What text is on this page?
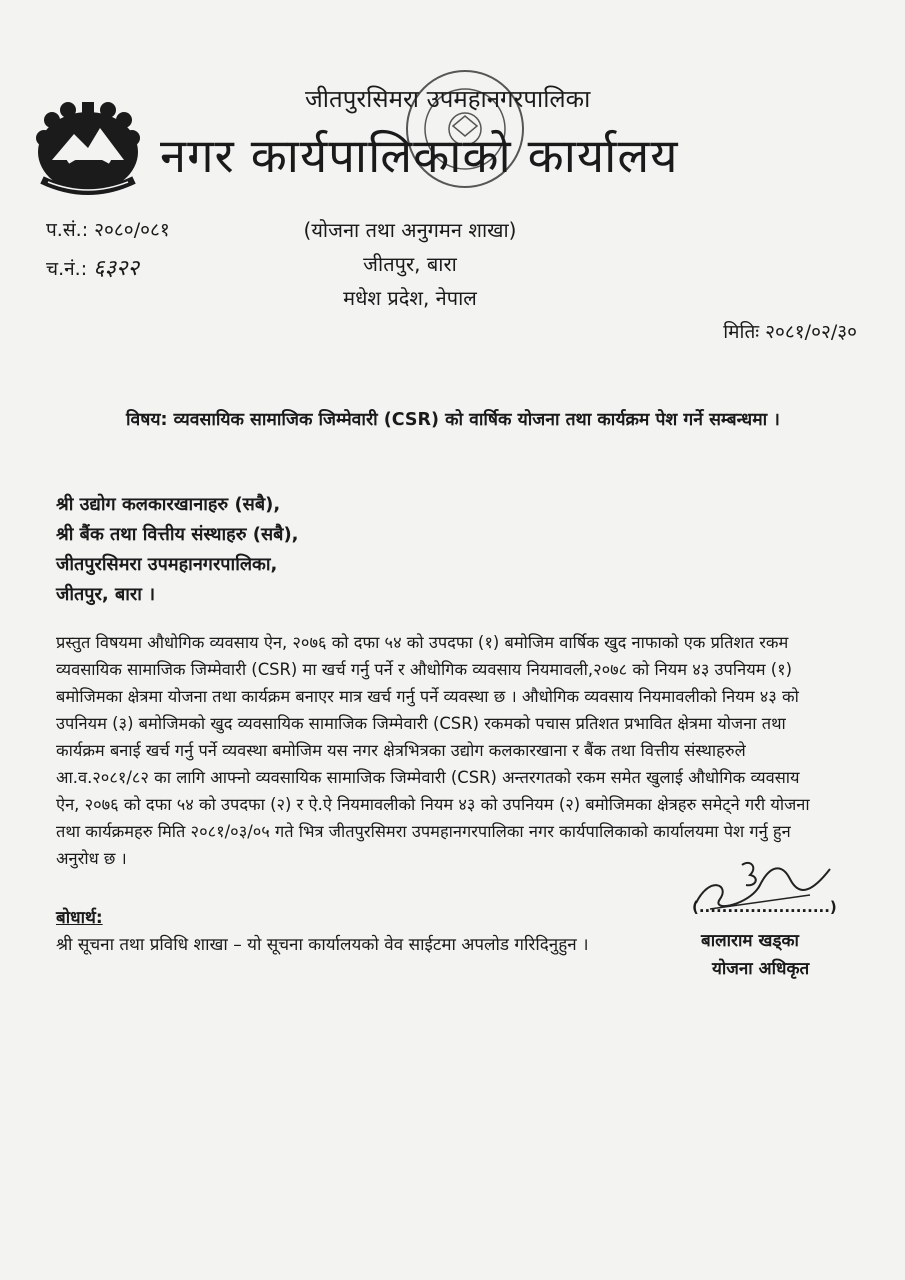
जीतपुरसिमरा उपमहानगरपालिका
नगर कार्यपालिकाको कार्यालय
प.सं.: २०८०/०८१
च.नं.: ६३२२
(योजना तथा अनुगमन शाखा)
जीतपुर, बारा
मधेश प्रदेश, नेपाल
मितिः २०८१/०२/३०
विषय: व्यवसायिक सामाजिक जिम्मेवारी (CSR) को वार्षिक योजना तथा कार्यक्रम पेश गर्ने सम्बन्धमा ।
श्री उद्योग कलकारखानाहरु (सबै),
श्री बैंक तथा वित्तीय संस्थाहरु (सबै),
जीतपुरसिमरा उपमहानगरपालिका,
जीतपुर, बारा ।
प्रस्तुत विषयमा औधोगिक व्यवसाय ऐन, २०७६ को दफा ५४ को उपदफा (१) बमोजिम वार्षिक खुद नाफाको एक प्रतिशत रकम
व्यवसायिक सामाजिक जिम्मेवारी (CSR) मा खर्च गर्नु पर्ने र औधोगिक व्यवसाय नियमावली,२०७८ को नियम ४३ उपनियम (१)
बमोजिमका क्षेत्रमा योजना तथा कार्यक्रम बनाएर मात्र खर्च गर्नु पर्ने व्यवस्था छ । औधोगिक व्यवसाय नियमावलीको नियम ४३ को
उपनियम (३) बमोजिमको खुद व्यवसायिक सामाजिक जिम्मेवारी (CSR) रकमको पचास प्रतिशत प्रभावित क्षेत्रमा योजना तथा
कार्यक्रम बनाई खर्च गर्नु पर्ने व्यवस्था बमोजिम यस नगर क्षेत्रभित्रका उद्योग कलकारखाना र बैंक तथा वित्तीय संस्थाहरुले
आ.व.२०८१/८२ का लागि आफ्नो व्यवसायिक सामाजिक जिम्मेवारी (CSR) अन्तरगतको रकम समेत खुलाई औधोगिक व्यवसाय
ऐन, २०७६ को दफा ५४ को उपदफा (२) र ऐ.ऐ नियमावलीको नियम ४३ को उपनियम (२) बमोजिमका क्षेत्रहरु समेट्ने गरी योजना
तथा कार्यक्रमहरु मिति २०८१/०३/०५ गते भित्र जीतपुरसिमरा उपमहानगरपालिका नगर कार्यपालिकाको कार्यालयमा पेश गर्नु हुन
अनुरोध छ ।
(.......................)
बालाराम खड्का
योजना अधिकृत
बोधार्थ:
श्री सूचना तथा प्रविधि शाखा – यो सूचना कार्यालयको वेव साईटमा अपलोड गरिदिनुहुन ।
